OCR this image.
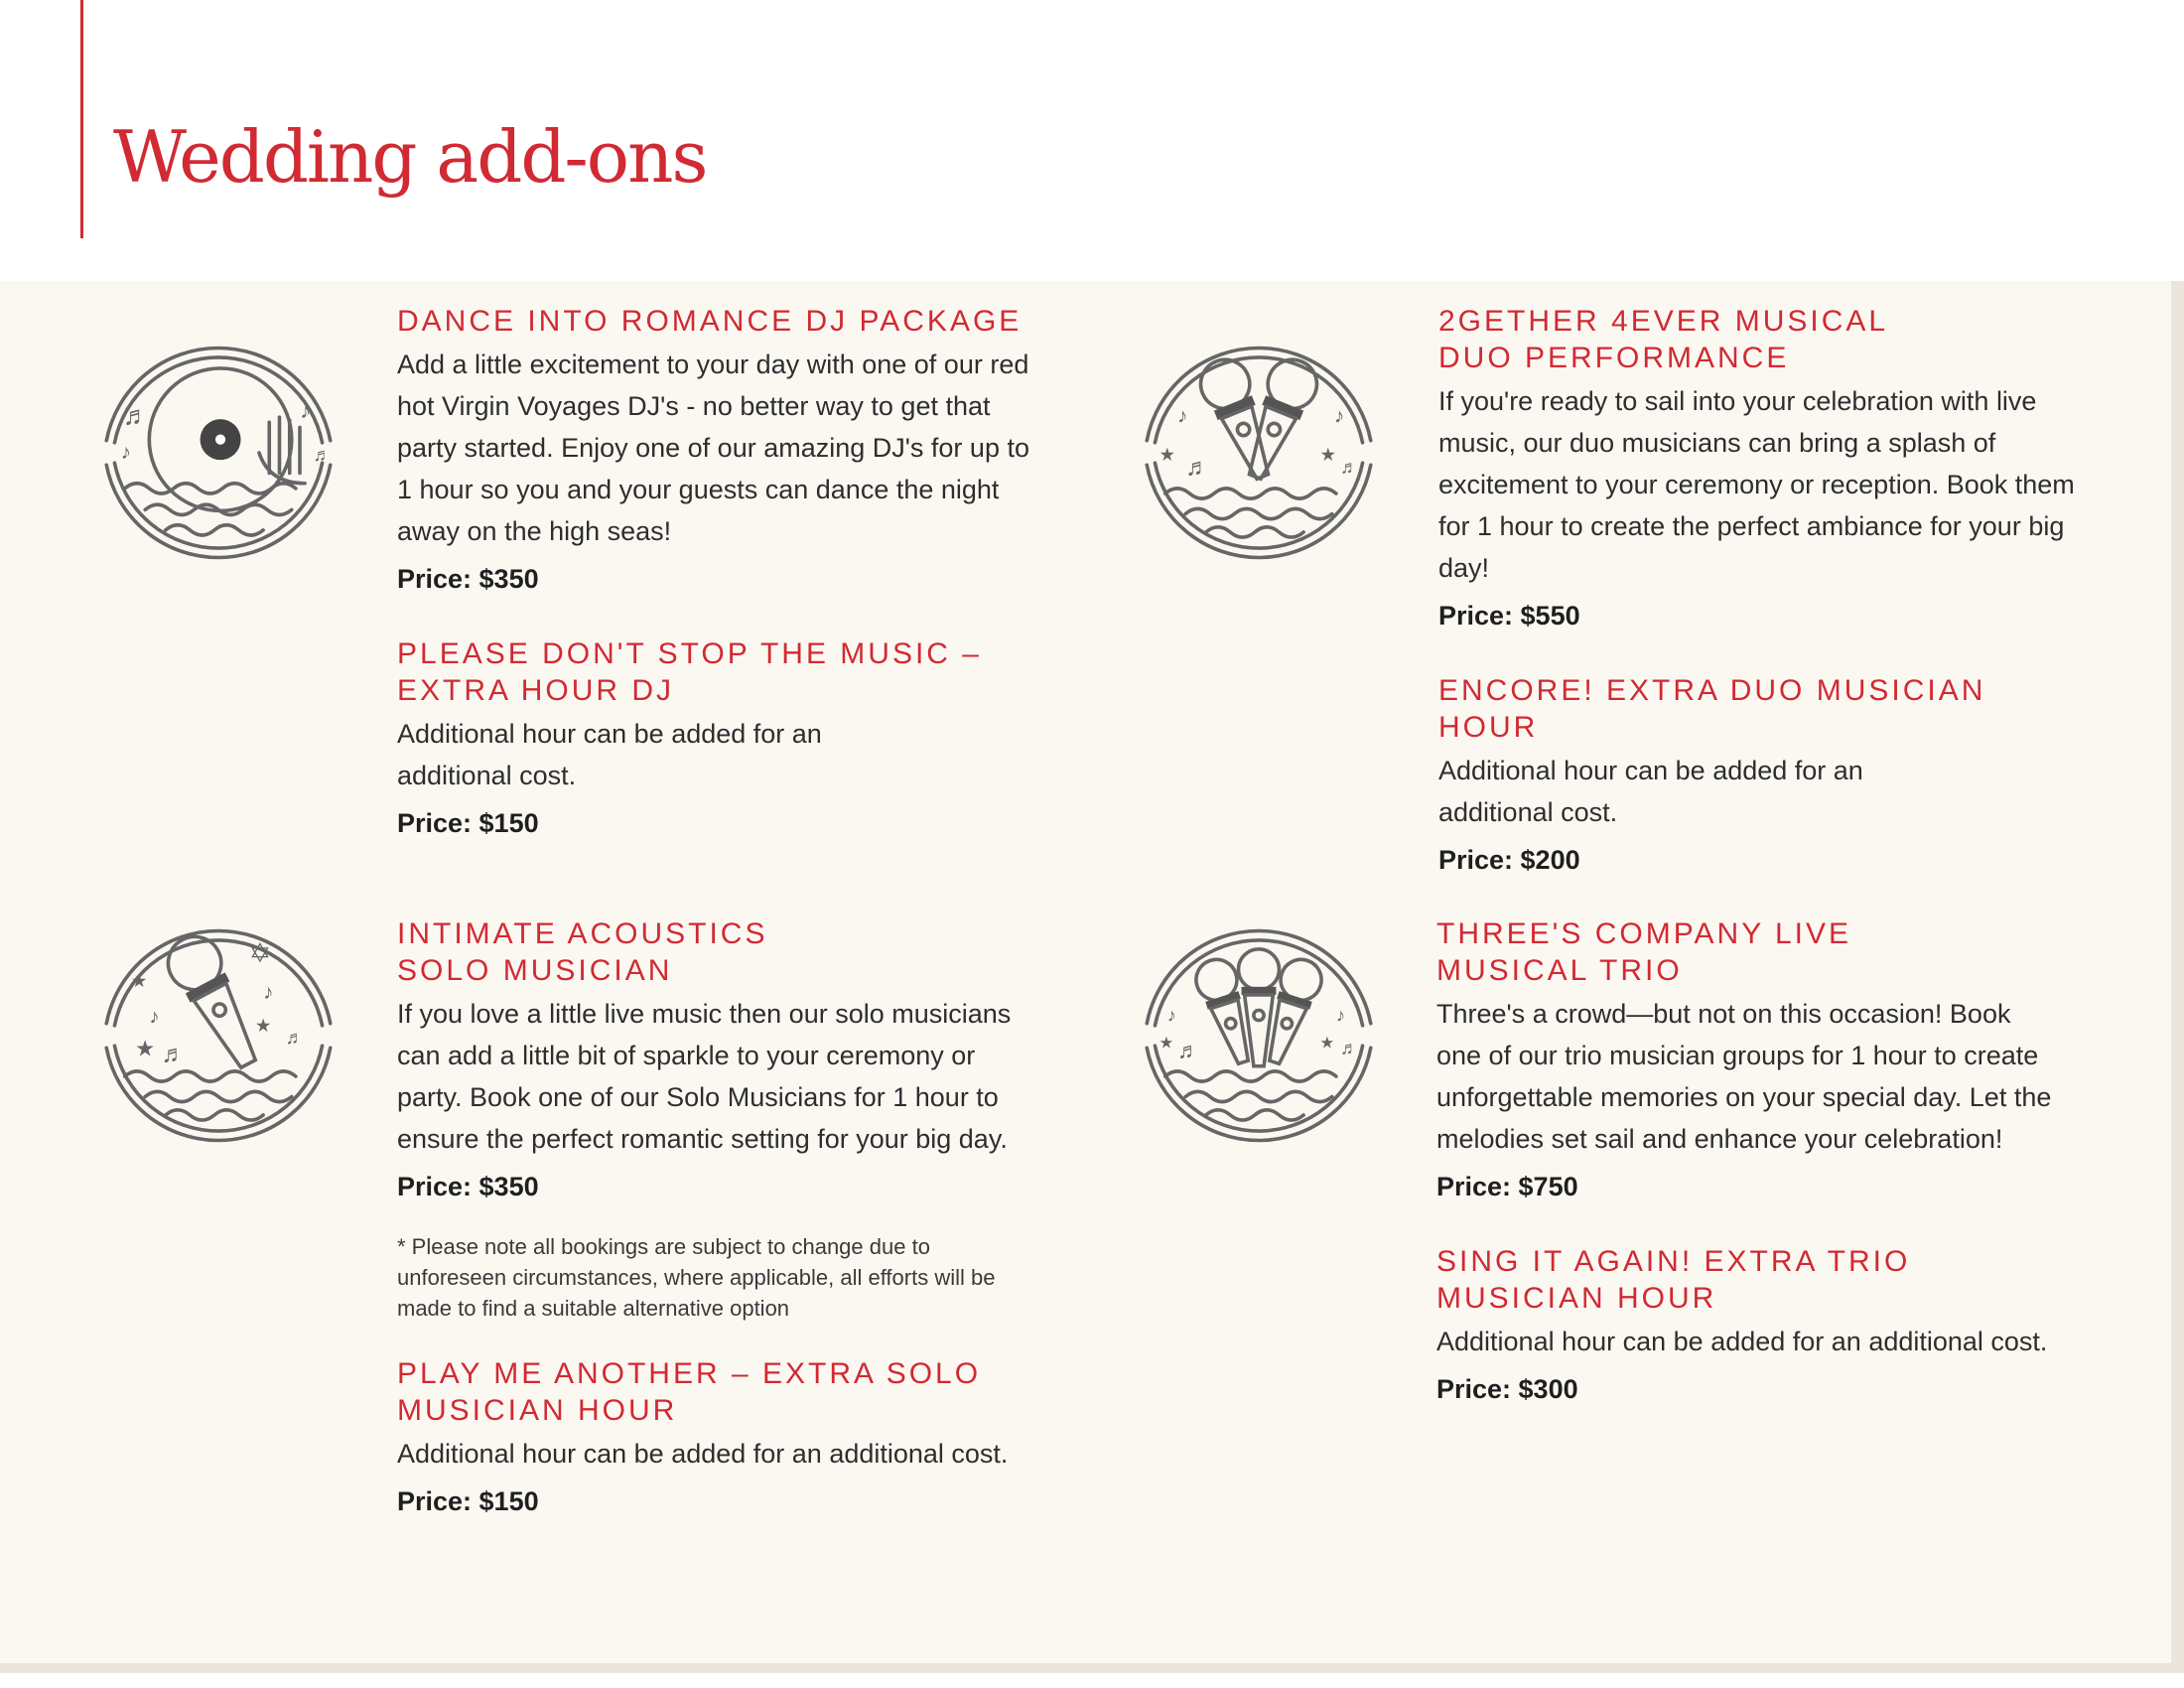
Wedding add-ons
♬
♪
♪
♬
♪
★ ♬
♪
★
♬
★
♪
★ ♬
✡
♪
★
♬
♪
★ ♬
♪
★ ♬
DANCE INTO ROMANCE DJ PACKAGE

Add a little excitement to your day with one of our red hot Virgin Voyages DJ's - no better way to get that party started. Enjoy one of our amazing DJ's for up to 1 hour so you and your guests can dance the night away on the high seas!

Price: $350

PLEASE DON'T STOP THE MUSIC –
EXTRA HOUR DJ

Additional hour can be added for an additional cost.

Price: $150

2GETHER 4EVER MUSICAL
DUO PERFORMANCE

If you're ready to sail into your celebration with live music, our duo musicians can bring a splash of excitement to your ceremony or reception. Book them for 1 hour to create the perfect ambiance for your big day!

Price: $550

ENCORE! EXTRA DUO MUSICIAN HOUR

Additional hour can be added for an additional cost.

Price: $200

INTIMATE ACOUSTICS
SOLO MUSICIAN

If you love a little live music then our solo musicians can add a little bit of sparkle to your ceremony or party. Book one of our Solo Musicians for 1 hour to ensure the perfect romantic setting for your big day.

Price: $350

* Please note all bookings are subject to change due to unforeseen circumstances, where applicable, all efforts will be made to find a suitable alternative option

PLAY ME ANOTHER – EXTRA SOLO
MUSICIAN HOUR

Additional hour can be added for an additional cost.

Price: $150

THREE'S COMPANY LIVE
MUSICAL TRIO

Three's a crowd—but not on this occasion! Book one of our trio musician groups for 1 hour to create unforgettable memories on your special day. Let the melodies set sail and enhance your celebration!

Price: $750

SING IT AGAIN! EXTRA TRIO
MUSICIAN HOUR

Additional hour can be added for an additional cost.

Price: $300
